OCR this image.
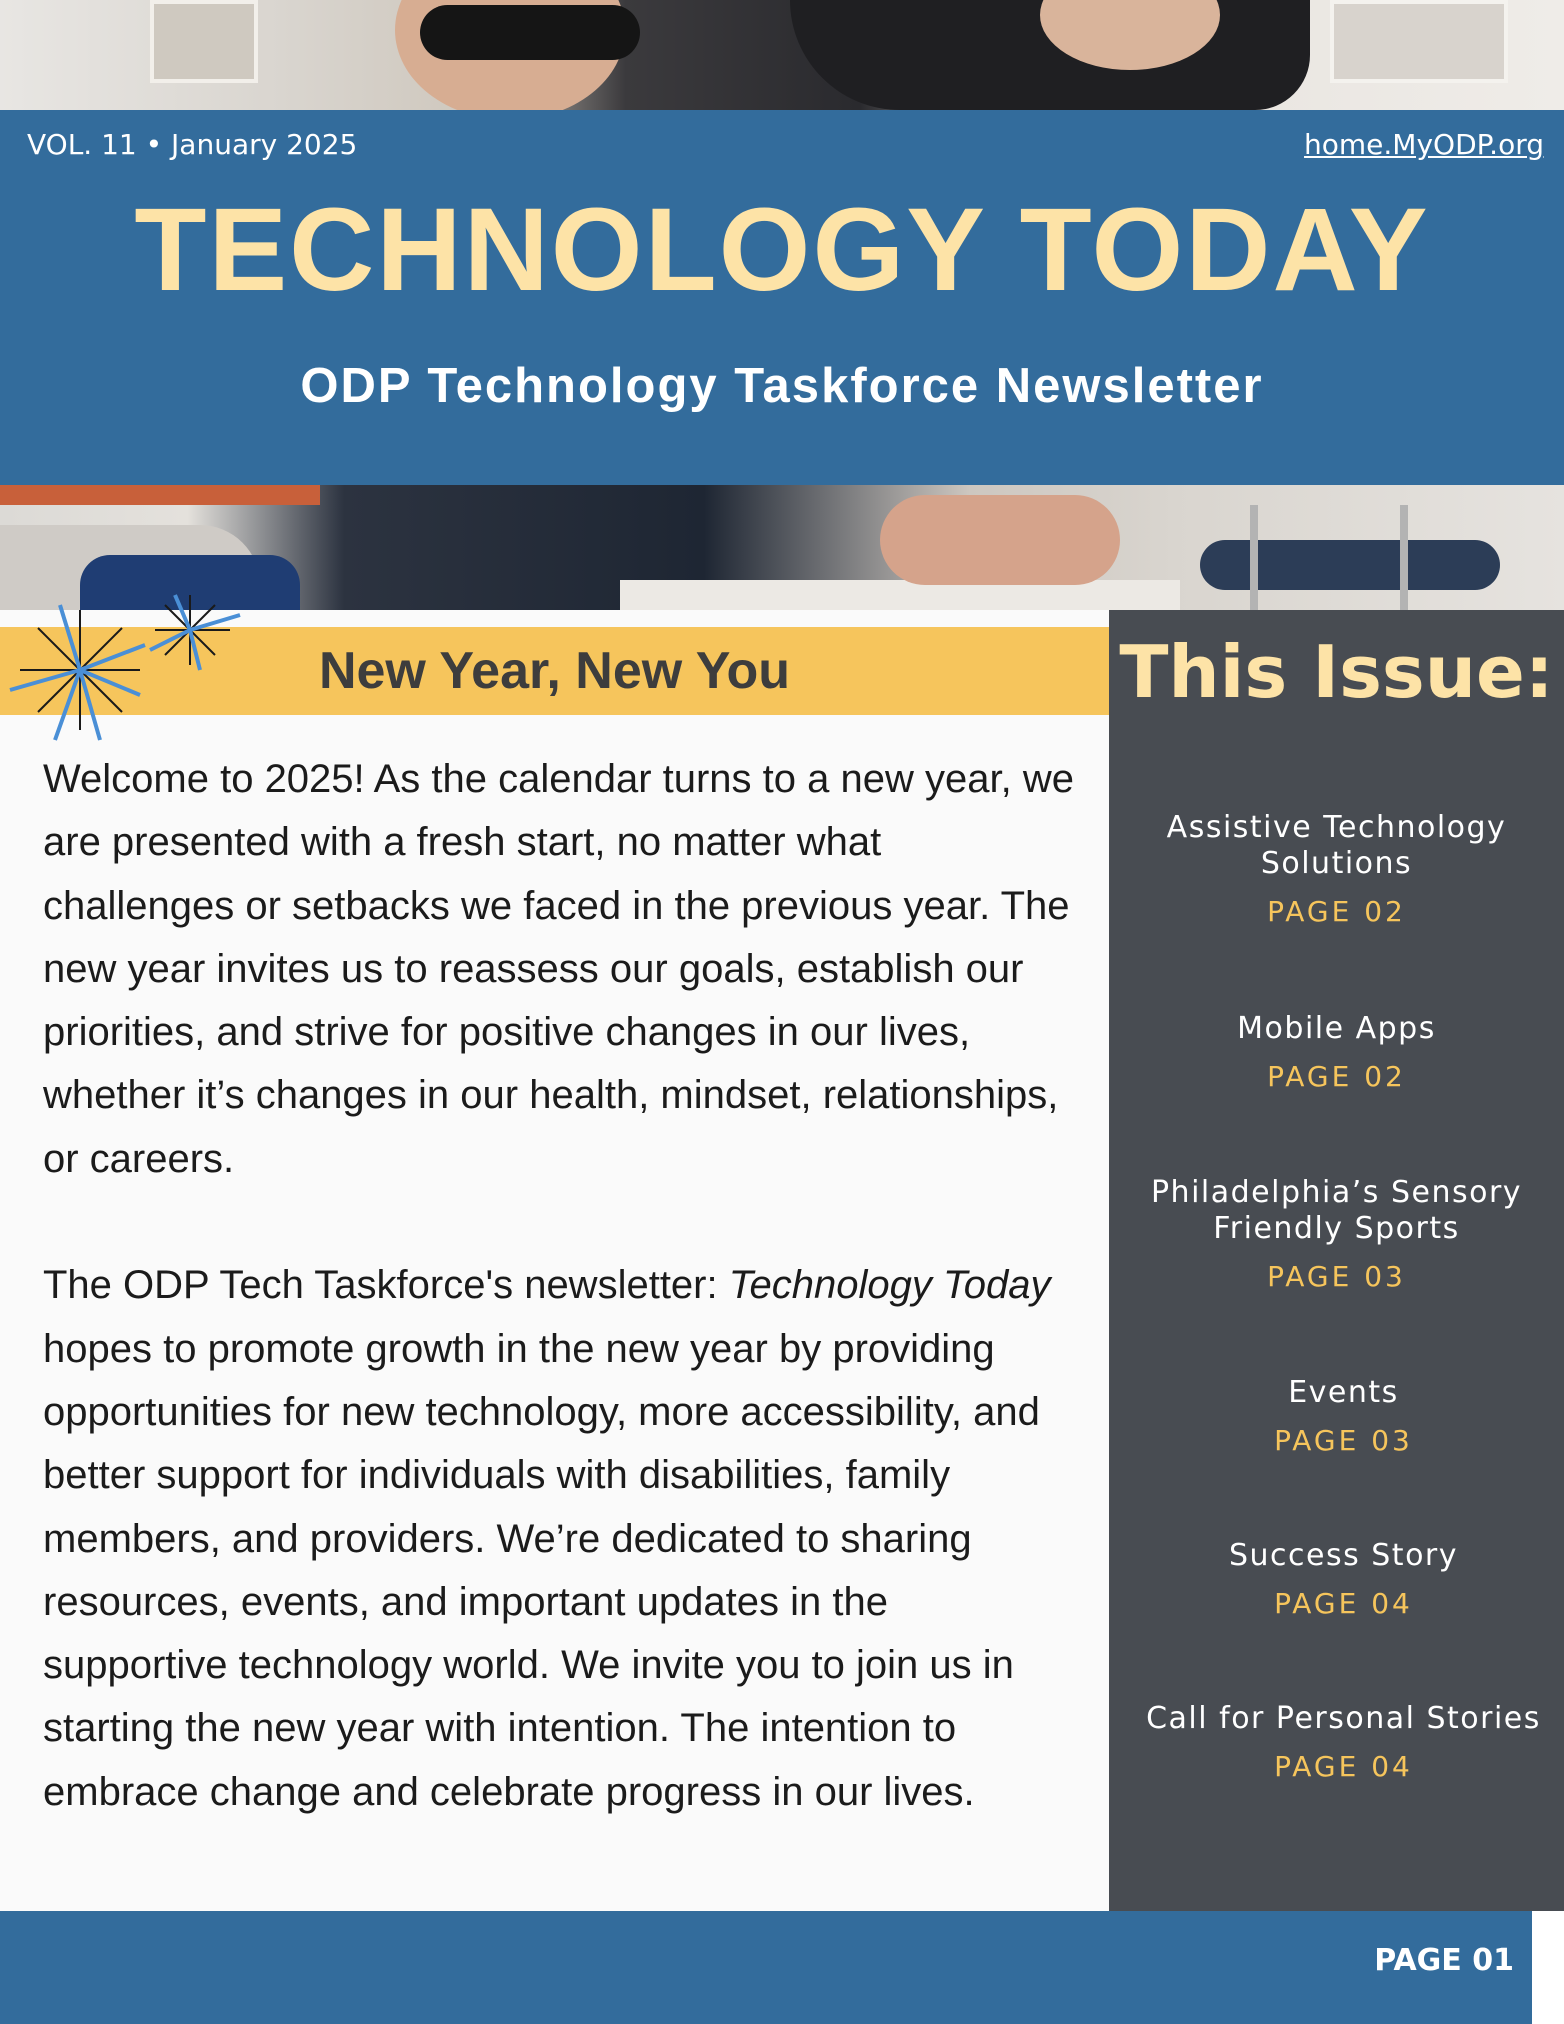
VOL. 11 • January 2025	home.MyODP.org
TECHNOLOGY TODAY
ODP Technology Taskforce Newsletter
New Year, New You

Welcome to 2025! As the calendar turns to a new year, we are presented with a fresh start, no matter what challenges or setbacks we faced in the previous year. The new year invites us to reassess our goals, establish our priorities, and strive for positive changes in our lives, whether it’s changes in our health, mindset, relationships, or careers.

The ODP Tech Taskforce's newsletter: Technology Today hopes to promote growth in the new year by providing opportunities for new technology, more accessibility, and better support for individuals with disabilities, family members, and providers. We’re dedicated to sharing resources, events, and important updates in the supportive technology world. We invite you to join us in starting the new year with intention. The intention to embrace change and celebrate progress in our lives.

This Issue:
Assistive Technology Solutions
PAGE 02
Mobile Apps
PAGE 02
Philadelphia’s Sensory Friendly Sports
PAGE 03
Events
PAGE 03
Success Story
PAGE 04
Call for Personal Stories
PAGE 04
PAGE 01
